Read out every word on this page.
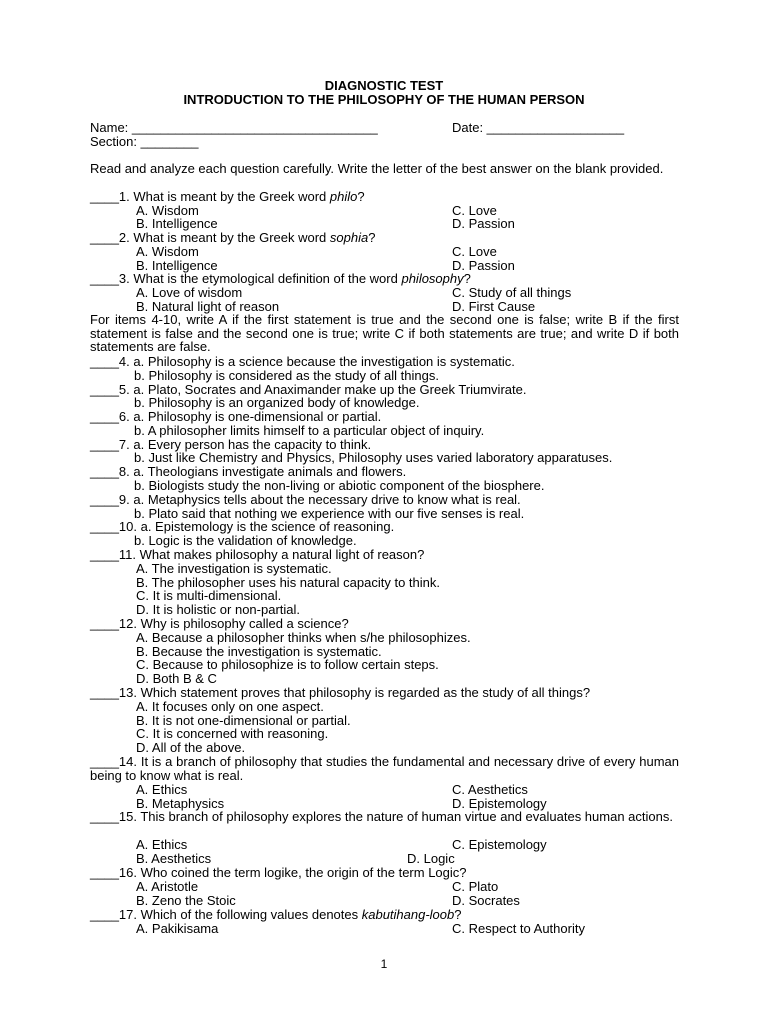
DIAGNOSTIC TEST
INTRODUCTION TO THE PHILOSOPHY OF THE HUMAN PERSON
Name: __________________________________	Date: ___________________
Section: ________
Read and analyze each question carefully. Write the letter of the best answer on the blank provided.
____1. What is meant by the Greek word philo?
A. Wisdom	C. Love
B. Intelligence	D. Passion
____2. What is meant by the Greek word sophia?
A. Wisdom	C. Love
B. Intelligence	D. Passion
____3. What is the etymological definition of the word philosophy?
A. Love of wisdom	C. Study of all things
B. Natural light of reason	D. First Cause
For items 4-10, write A if the first statement is true and the second one is false; write B if the first statement is false and the second one is true; write C if both statements are true; and write D if both statements are false.
____4. a. Philosophy is a science because the investigation is systematic.
b. Philosophy is considered as the study of all things.
____5. a. Plato, Socrates and Anaximander make up the Greek Triumvirate.
b. Philosophy is an organized body of knowledge.
____6. a. Philosophy is one-dimensional or partial.
b. A philosopher limits himself to a particular object of inquiry.
____7. a. Every person has the capacity to think.
b. Just like Chemistry and Physics, Philosophy uses varied laboratory apparatuses.
____8. a. Theologians investigate animals and flowers.
b. Biologists study the non-living or abiotic component of the biosphere.
____9. a. Metaphysics tells about the necessary drive to know what is real.
b. Plato said that nothing we experience with our five senses is real.
____10. a. Epistemology is the science of reasoning.
b. Logic is the validation of knowledge.
____11. What makes philosophy a natural light of reason?
A. The investigation is systematic.
B. The philosopher uses his natural capacity to think.
C. It is multi-dimensional.
D. It is holistic or non-partial.
____12. Why is philosophy called a science?
A. Because a philosopher thinks when s/he philosophizes.
B. Because the investigation is systematic.
C. Because to philosophize is to follow certain steps.
D. Both B & C
____13. Which statement proves that philosophy is regarded as the study of all things?
A. It focuses only on one aspect.
B. It is not one-dimensional or partial.
C. It is concerned with reasoning.
D. All of the above.
____14. It is a branch of philosophy that studies the fundamental and necessary drive of every human being to know what is real.
A. Ethics	C. Aesthetics
B. Metaphysics	D. Epistemology
____15. This branch of philosophy explores the nature of human virtue and evaluates human actions.
A. Ethics	C. Epistemology
B. Aesthetics	D. Logic
____16. Who coined the term logike, the origin of the term Logic?
A. Aristotle	C. Plato
B. Zeno the Stoic	D. Socrates
____17. Which of the following values denotes kabutihang-loob?
A. Pakikisama	C. Respect to Authority
1
